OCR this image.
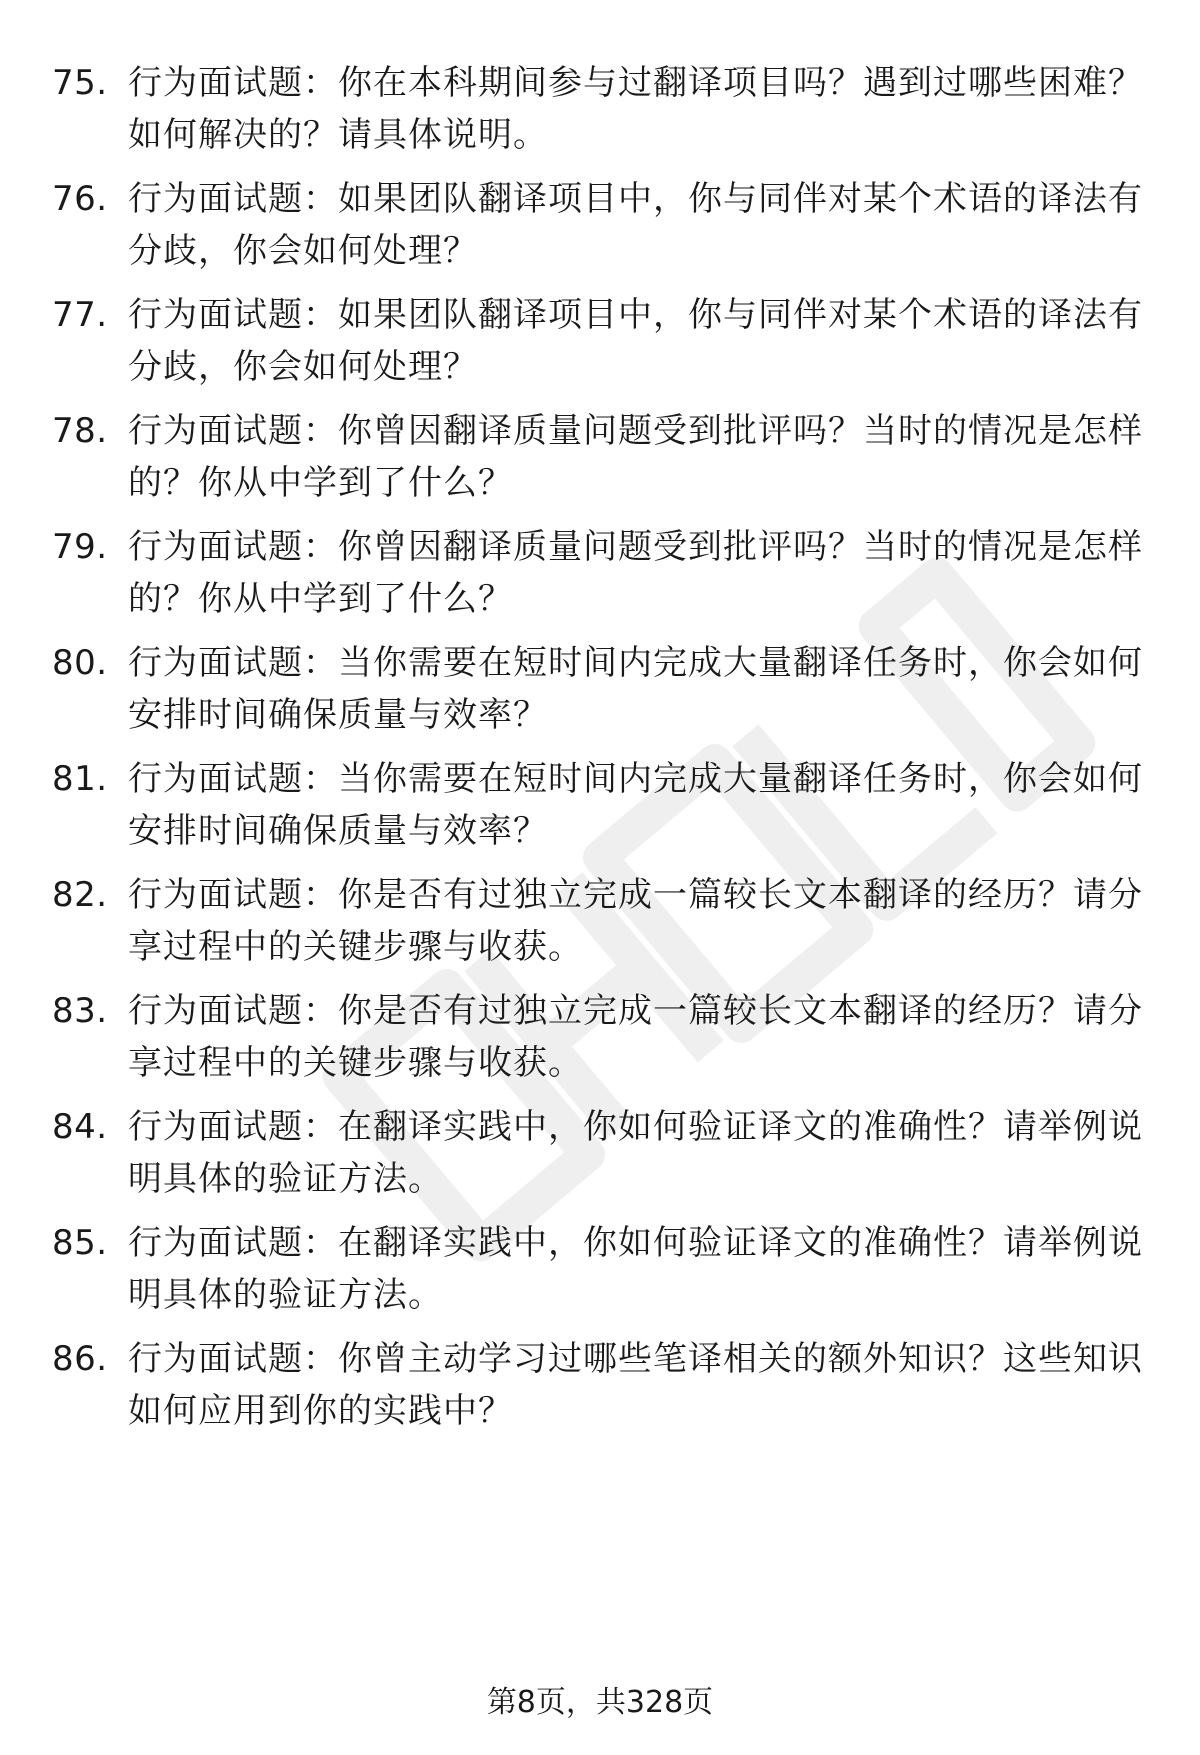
75. 行为面试题：你在本科期间参与过翻译项目吗？遇到过哪些困难？如何解决的？请具体说明。
76. 行为面试题：如果团队翻译项目中，你与同伴对某个术语的译法有分歧，你会如何处理？
77. 行为面试题：如果团队翻译项目中，你与同伴对某个术语的译法有分歧，你会如何处理？
78. 行为面试题：你曾因翻译质量问题受到批评吗？当时的情况是怎样的？你从中学到了什么？
79. 行为面试题：你曾因翻译质量问题受到批评吗？当时的情况是怎样的？你从中学到了什么？
80. 行为面试题：当你需要在短时间内完成大量翻译任务时，你会如何安排时间确保质量与效率？
81. 行为面试题：当你需要在短时间内完成大量翻译任务时，你会如何安排时间确保质量与效率？
82. 行为面试题：你是否有过独立完成一篇较长文本翻译的经历？请分享过程中的关键步骤与收获。
83. 行为面试题：你是否有过独立完成一篇较长文本翻译的经历？请分享过程中的关键步骤与收获。
84. 行为面试题：在翻译实践中，你如何验证译文的准确性？请举例说明具体的验证方法。
85. 行为面试题：在翻译实践中，你如何验证译文的准确性？请举例说明具体的验证方法。
86. 行为面试题：你曾主动学习过哪些笔译相关的额外知识？这些知识如何应用到你的实践中？
第8页，共328页
